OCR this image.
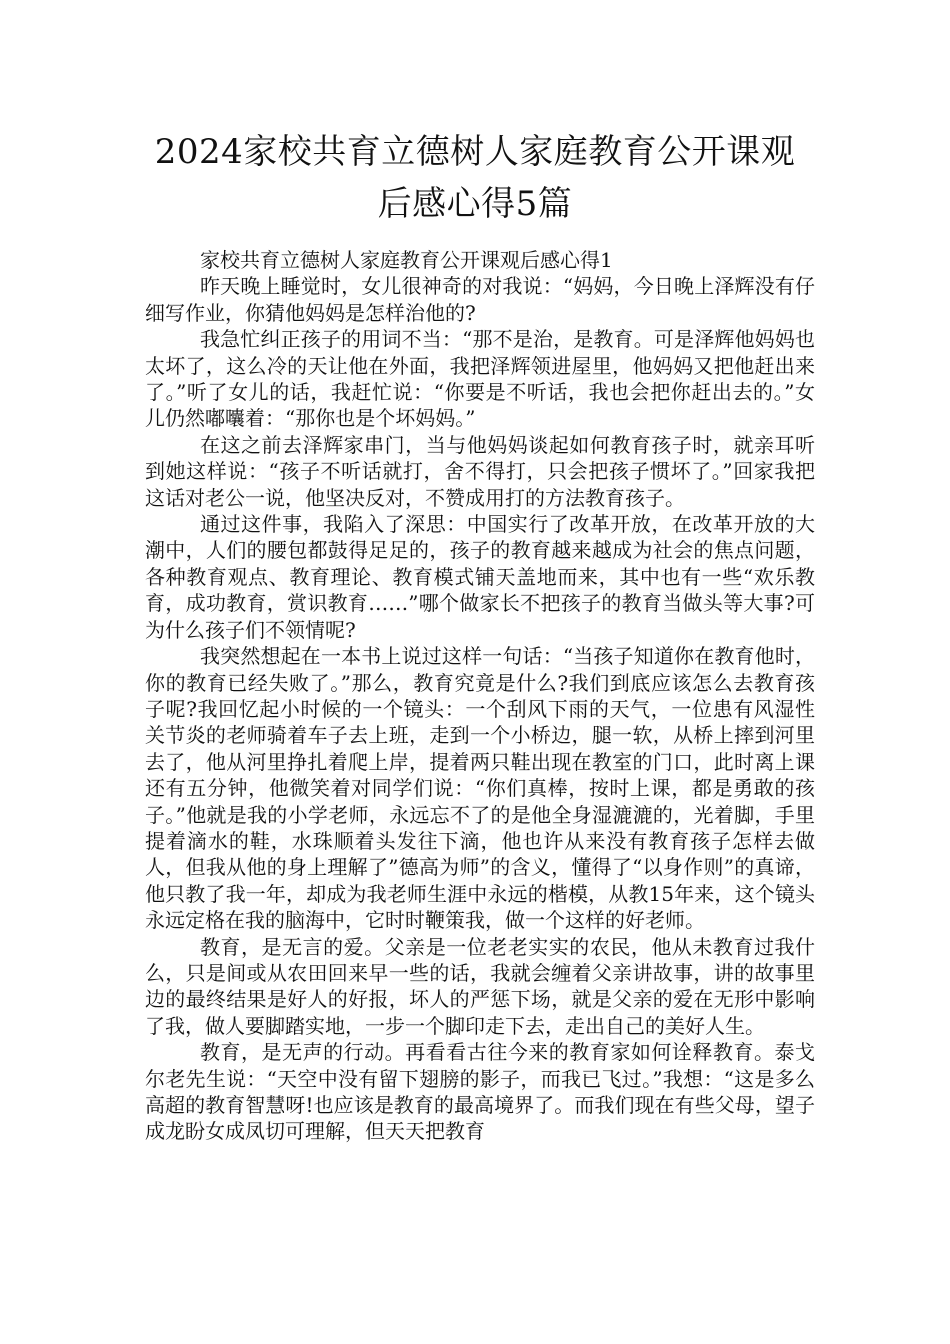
2024家校共育立德树人家庭教育公开课观
后感心得5篇

家校共育立德树人家庭教育公开课观后感心得1

昨天晚上睡觉时，女儿很神奇的对我说：“妈妈，今日晚上泽辉没有仔细写作业，你猜他妈妈是怎样治他的?

我急忙纠正孩子的用词不当：“那不是治，是教育。可是泽辉他妈妈也太坏了，这么冷的天让他在外面，我把泽辉领进屋里，他妈妈又把他赶出来了。”听了女儿的话，我赶忙说：“你要是不听话，我也会把你赶出去的。”女儿仍然嘟囔着：“那你也是个坏妈妈。”

在这之前去泽辉家串门，当与他妈妈谈起如何教育孩子时，就亲耳听到她这样说：“孩子不听话就打，舍不得打，只会把孩子惯坏了。”回家我把这话对老公一说，他坚决反对，不赞成用打的方法教育孩子。

通过这件事，我陷入了深思：中国实行了改革开放，在改革开放的大潮中，人们的腰包都鼓得足足的，孩子的教育越来越成为社会的焦点问题，各种教育观点、教育理论、教育模式铺天盖地而来，其中也有一些“欢乐教育，成功教育，赏识教育……”哪个做家长不把孩子的教育当做头等大事?可为什么孩子们不领情呢?

我突然想起在一本书上说过这样一句话：“当孩子知道你在教育他时，你的教育已经失败了。”那么，教育究竟是什么?我们到底应该怎么去教育孩子呢?我回忆起小时候的一个镜头：一个刮风下雨的天气，一位患有风湿性关节炎的老师骑着车子去上班，走到一个小桥边，腿一软，从桥上摔到河里去了，他从河里挣扎着爬上岸，提着两只鞋出现在教室的门口，此时离上课还有五分钟，他微笑着对同学们说：“你们真棒，按时上课，都是勇敢的孩子。”他就是我的小学老师，永远忘不了的是他全身湿漉漉的，光着脚，手里提着滴水的鞋，水珠顺着头发往下滴，他也许从来没有教育孩子怎样去做人，但我从他的身上理解了”德高为师”的含义，懂得了“以身作则”的真谛，他只教了我一年，却成为我老师生涯中永远的楷模，从教15年来，这个镜头永远定格在我的脑海中，它时时鞭策我，做一个这样的好老师。

教育，是无言的爱。父亲是一位老老实实的农民，他从未教育过我什么，只是间或从农田回来早一些的话，我就会缠着父亲讲故事，讲的故事里边的最终结果是好人的好报，坏人的严惩下场，就是父亲的爱在无形中影响了我，做人要脚踏实地，一步一个脚印走下去，走出自己的美好人生。

教育，是无声的行动。再看看古往今来的教育家如何诠释教育。泰戈尔老先生说：“天空中没有留下翅膀的影子，而我已飞过。”我想：“这是多么高超的教育智慧呀!也应该是教育的最高境界了。而我们现在有些父母，望子成龙盼女成凤切可理解，但天天把教育
